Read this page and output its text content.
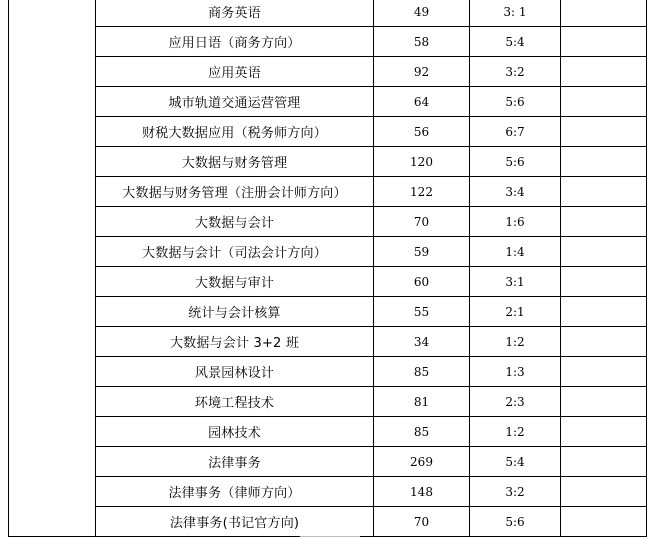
	商务英语	49	3: 1	
	应用日语（商务方向）	58	5:4	
	应用英语	92	3:2	
	城市轨道交通运营管理	64	5:6	
	财税大数据应用（税务师方向）	56	6:7	
	大数据与财务管理	120	5:6	
	大数据与财务管理（注册会计师方向）	122	3:4	
	大数据与会计	70	1:6	
	大数据与会计（司法会计方向）	59	1:4	
	大数据与审计	60	3:1	
	统计与会计核算	55	2:1	
	大数据与会计 3+2 班	34	1:2	
	风景园林设计	85	1:3	
	环境工程技术	81	2:3	
	园林技术	85	1:2	
	法律事务	269	5:4	
	法律事务（律师方向）	148	3:2	
	法律事务(书记官方向)	70	5:6	
